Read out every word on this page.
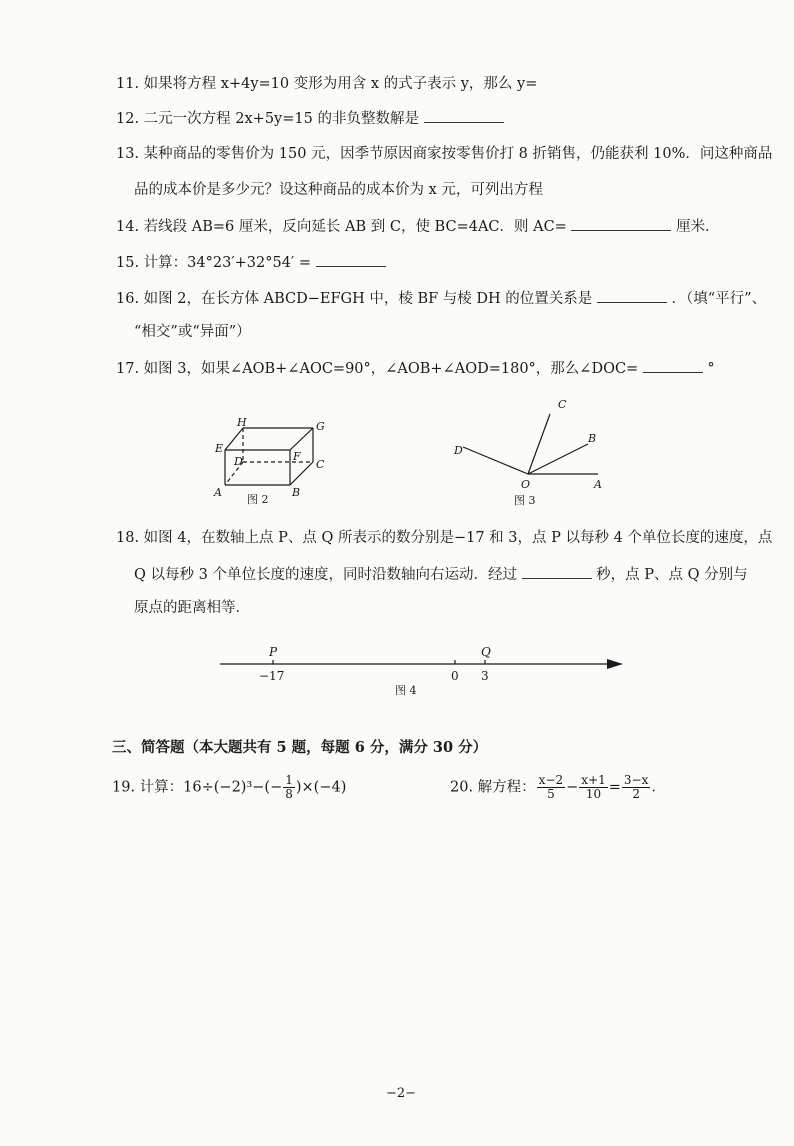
11. 如果将方程 x+4y=10 变形为用含 x 的式子表示 y，那么 y=
12. 二元一次方程 2x+5y=15 的非负整数解是
13. 某种商品的零售价为 150 元，因季节原因商家按零售价打 8 折销售，仍能获利 10%．问这种商品
品的成本价是多少元？设这种商品的成本价为 x 元，可列出方程
14. 若线段 AB=6 厘米，反向延长 AB 到 C，使 BC=4AC．则 AC=	厘米．
15. 计算：34°23′+32°54′ =
16. 如图 2，在长方体 ABCD−EFGH 中，棱 BF 与棱 DH 的位置关系是	．（填“平行”、
“相交”或“异面”）
17. 如图 3，如果∠AOB+∠AOC=90°，∠AOB+∠AOD=180°，那么∠DOC=	°
H	G
E
F
D	C
A	B
图 2
C
B
D
O	A
图 3
18. 如图 4，在数轴上点 P、点 Q 所表示的数分别是−17 和 3，点 P 以每秒 4 个单位长度的速度，点
Q 以每秒 3 个单位长度的速度，同时沿数轴向右运动．经过	秒，点 P、点 Q 分别与
原点的距离相等．
P	Q
−17	0 3
图 4
三、简答题（本大题共有 5 题，每题 6 分，满分 30 分）
19. 计算：$16\div(-2)^3-(- \frac{1}{8} )\times(-4)$	20. 解方程： $\frac{x-2}{5} - \frac{x+1}{10} = \frac{3-x}{2}$ ．
−2−
